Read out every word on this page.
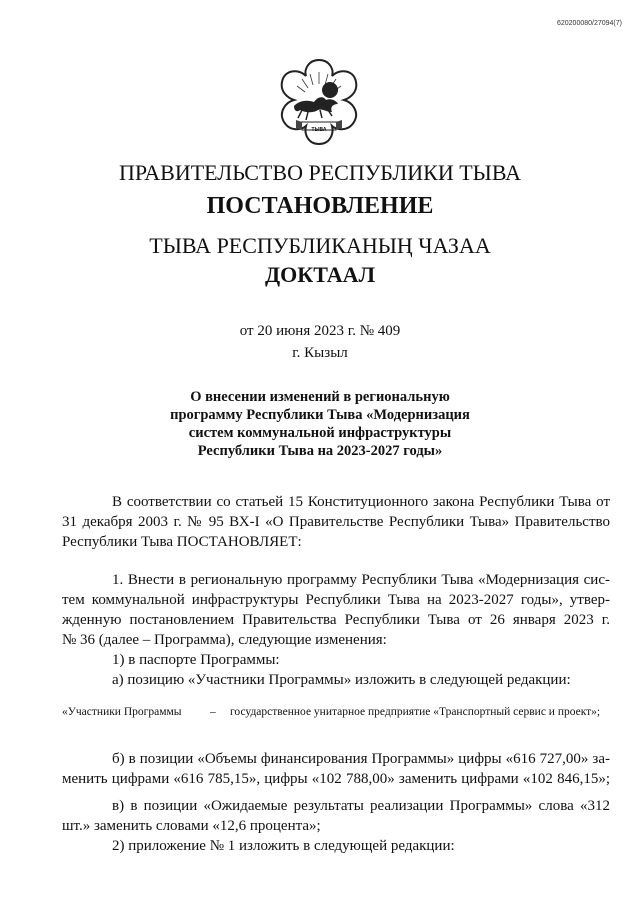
620200080/27094(7)
ТЫВА
ПРАВИТЕЛЬСТВО РЕСПУБЛИКИ ТЫВА
ПОСТАНОВЛЕНИЕ
ТЫВА РЕСПУБЛИКАНЫҢ ЧАЗАА
ДОКТААЛ
от 20 июня 2023 г. № 409
г. Кызыл
О внесении изменений в региональную
программу Республики Тыва «Модернизация
систем коммунальной инфраструктуры
Республики Тыва на 2023-2027 годы»
В соответствии со статьей 15 Конституционного закона Республики Тыва от
31 декабря 2003 г. № 95 ВХ-I «О Правительстве Республики Тыва» Правительство
Республики Тыва ПОСТАНОВЛЯЕТ:
1. Внести в региональную программу Республики Тыва «Модернизация сис-
тем коммунальной инфраструктуры Республики Тыва на 2023-2027 годы», утвер-
жденную постановлением Правительства Республики Тыва от 26 января 2023 г.
№ 36 (далее – Программа), следующие изменения:
1) в паспорте Программы:
а) позицию «Участники Программы» изложить в следующей редакции:
«Участники Программы – государственное унитарное предприятие «Транспортный сервис и проект»;
б) в позиции «Объемы финансирования Программы» цифры «616 727,00» за-
менить цифрами «616 785,15», цифры «102 788,00» заменить цифрами «102 846,15»;
в) в позиции «Ожидаемые результаты реализации Программы» слова «312
шт.» заменить словами «12,6 процента»;
2) приложение № 1 изложить в следующей редакции:
